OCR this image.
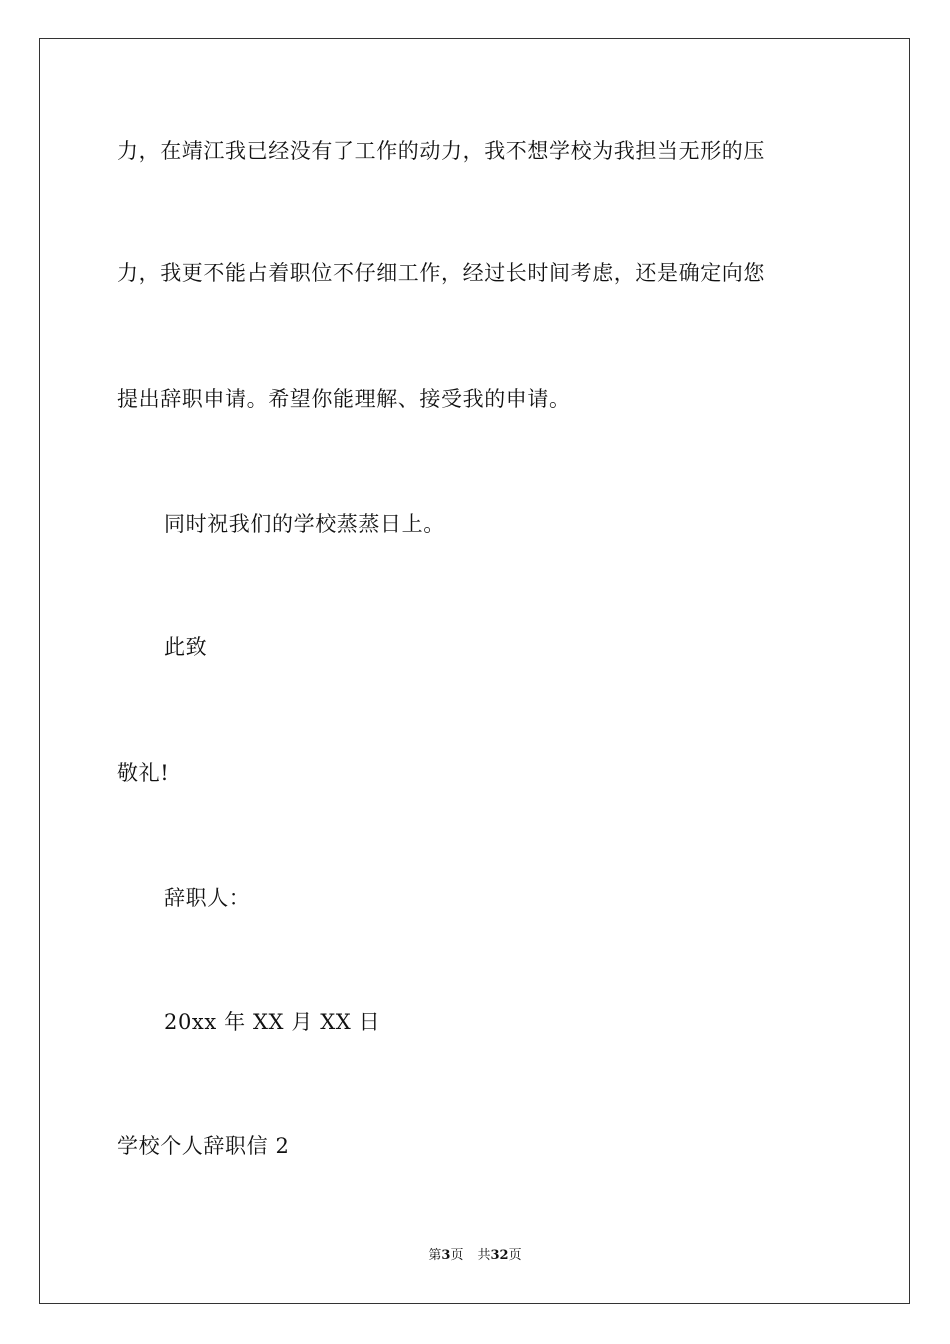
力，在靖江我已经没有了工作的动力，我不想学校为我担当无形的压
力，我更不能占着职位不仔细工作，经过长时间考虑，还是确定向您
提出辞职申请。希望你能理解、接受我的申请。
同时祝我们的学校蒸蒸日上。
此致
敬礼!
辞职人：
20xx 年 XX 月 XX 日
学校个人辞职信 2
第3页 共32页
